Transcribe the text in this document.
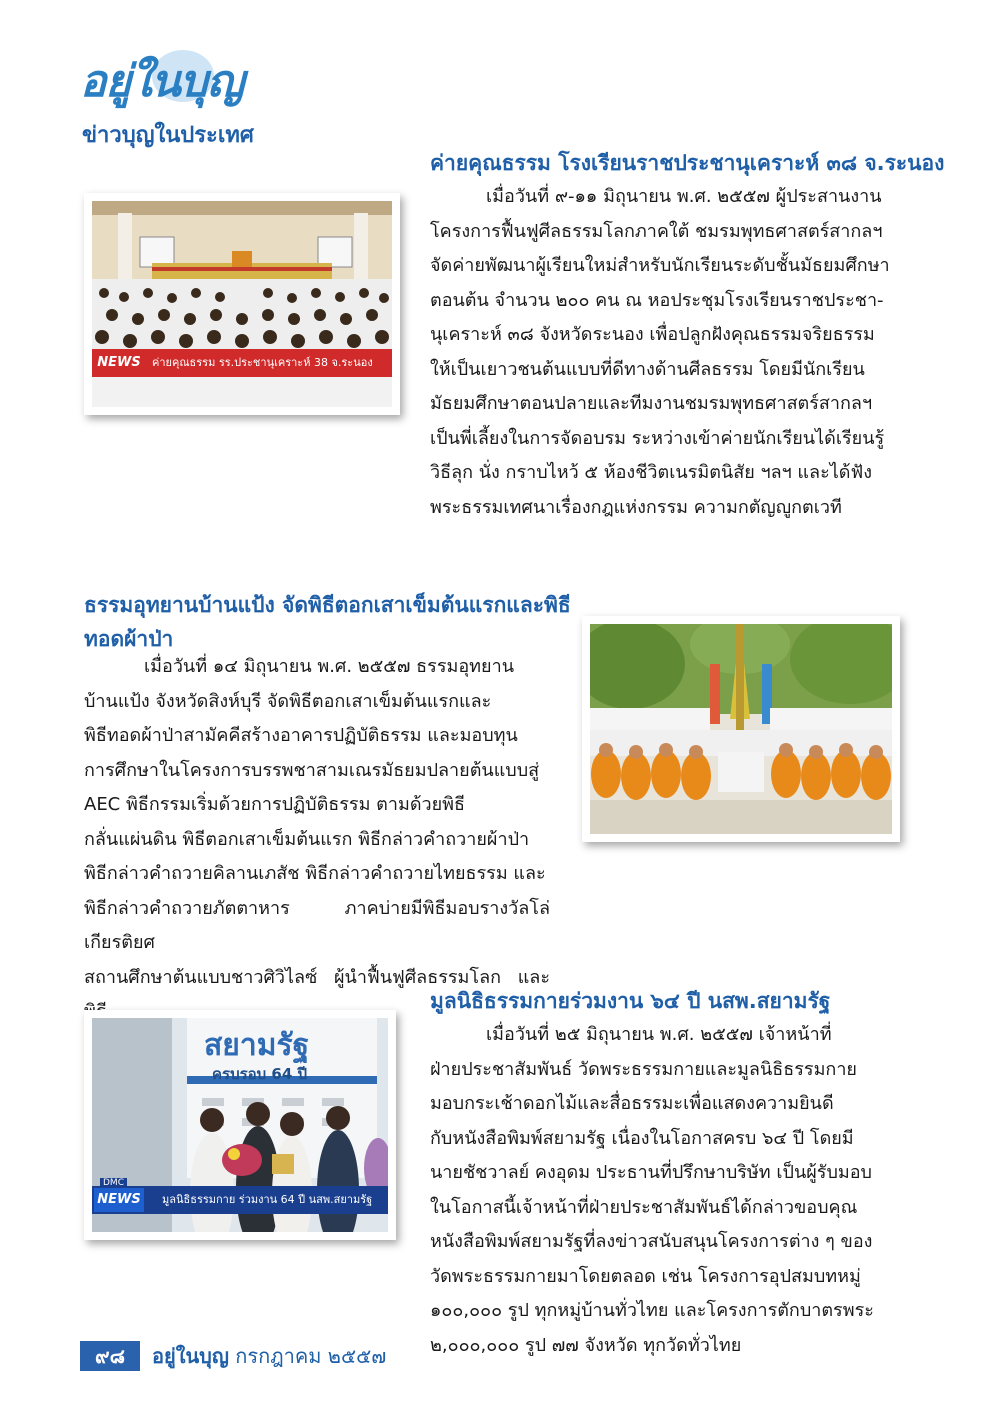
อยู่ในบุญ
ข่าวบุญในประเทศ
ค่ายคุณธรรม โรงเรียนราชประชานุเคราะห์ ๓๘ จ.ระนอง
ค่ายคุณธรรม รร.ประชานุเคราะห์ 38 จ.ระนอง
NEWS

เมื่อวันที่ ๙-๑๑ มิถุนายน พ.ศ. ๒๕๕๗ ผู้ประสานงาน

โครงการฟื้นฟูศีลธรรมโลกภาคใต้ ชมรมพุทธศาสตร์สากลฯ

จัดค่ายพัฒนาผู้เรียนใหม่สำหรับนักเรียนระดับชั้นมัธยมศึกษา

ตอนต้น จำนวน ๒๐๐ คน ณ หอประชุมโรงเรียนราชประชา-

นุเคราะห์ ๓๘ จังหวัดระนอง เพื่อปลูกฝังคุณธรรมจริยธรรม

ให้เป็นเยาวชนต้นแบบที่ดีทางด้านศีลธรรม โดยมีนักเรียน

มัธยมศึกษาตอนปลายและทีมงานชมรมพุทธศาสตร์สากลฯ

เป็นพี่เลี้ยงในการจัดอบรม ระหว่างเข้าค่ายนักเรียนได้เรียนรู้

วิธีลุก นั่ง กราบไหว้ ๕ ห้องชีวิตเนรมิตนิสัย ฯลฯ และได้ฟัง

พระธรรมเทศนาเรื่องกฎแห่งกรรม ความกตัญญูกตเวที

ธรรมอุทยานบ้านแป้ง จัดพิธีตอกเสาเข็มต้นแรกและพิธี
ทอดผ้าป่า

เมื่อวันที่ ๑๔ มิถุนายน พ.ศ. ๒๕๕๗ ธรรมอุทยาน

บ้านแป้ง จังหวัดสิงห์บุรี จัดพิธีตอกเสาเข็มต้นแรกและ

พิธีทอดผ้าป่าสามัคคีสร้างอาคารปฏิบัติธรรม และมอบทุน

การศึกษาในโครงการบรรพชาสามเณรมัธยมปลายต้นแบบสู่

AEC พิธีกรรมเริ่มด้วยการปฏิบัติธรรม ตามด้วยพิธี

กลั่นแผ่นดิน พิธีตอกเสาเข็มต้นแรก พิธีกล่าวคำถวายผ้าป่า

พิธีกล่าวคำถวายคิลานเภสัช พิธีกล่าวคำถวายไทยธรรม และ

พิธีกล่าวคำถวายภัตตาหาร ภาคบ่ายมีพิธีมอบรางวัลโล่เกียรติยศ

สถานศึกษาต้นแบบชาวศิวิไลซ์ ผู้นำฟื้นฟูศีลธรรมโลก และ

มูลนิธิธรรมกายร่วมงาน ๖๔ ปี นสพ.สยามรัฐ
สยามรัฐ
ครบรอบ 64 ปี
มูลนิธิธรรมกาย ร่วมงาน 64 ปี นสพ.สยามรัฐ
NEWS
DMC

เมื่อวันที่ ๒๕ มิถุนายน พ.ศ. ๒๕๕๗ เจ้าหน้าที่

ฝ่ายประชาสัมพันธ์ วัดพระธรรมกายและมูลนิธิธรรมกาย

มอบกระเช้าดอกไม้และสื่อธรรมะเพื่อแสดงความยินดี

กับหนังสือพิมพ์สยามรัฐ เนื่องในโอกาสครบ ๖๔ ปี โดยมี

นายชัชวาลย์ คงอุดม ประธานที่ปรึกษาบริษัท เป็นผู้รับมอบ

ในโอกาสนี้เจ้าหน้าที่ฝ่ายประชาสัมพันธ์ได้กล่าวขอบคุณ

หนังสือพิมพ์สยามรัฐที่ลงข่าวสนับสนุนโครงการต่าง ๆ ของ

วัดพระธรรมกายมาโดยตลอด เช่น โครงการอุปสมบทหมู่

๑๐๐,๐๐๐ รูป ทุกหมู่บ้านทั่วไทย และโครงการตักบาตรพระ

๒,๐๐๐,๐๐๐ รูป ๗๗ จังหวัด ทุกวัดทั่วไทย

๙๘	อยู่ในบุญ กรกฎาคม ๒๕๕๗
